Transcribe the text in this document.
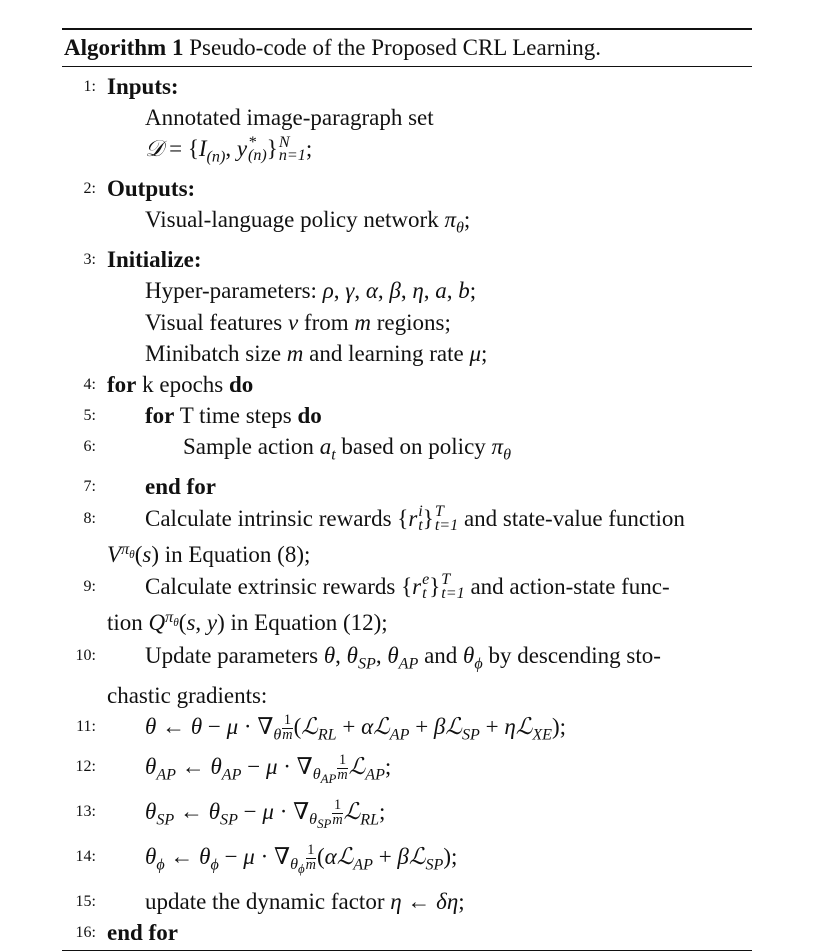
Algorithm 1 Pseudo-code of the Proposed CRL Learning.
1: Inputs:
Annotated image-paragraph set
𝒟 = {$I_{(n)}$, y *
(n) } N
n=1 ;
2: Outputs:
Visual-language policy network $\pi_\theta$;
3: Initialize:
Hyper-parameters: ρ, γ, α, β, η, a, b;
Visual features v from m regions;
Minibatch size m and learning rate μ;
4: for k epochs do
5:	for T time steps do
6:	Sample action $a_t$ based on policy $\pi_\theta$
7:	end for
8:	Calculate intrinsic rewards {r i
t } T
t=1 and state-value function
$V^{\pi_\theta}(s)$ in Equation (8);
9:	Calculate extrinsic rewards {r e
t } T
t=1 and action-state func-
tion $Q^{\pi_\theta}(s$, y) in Equation (12);
10:	Update parameters θ, $\theta_{SP}$, $\theta_{AP}$ and $\theta_\phi$ by descending sto-
chastic gradients:
11:	θ ← $\theta - \mu \cdot \nabla_\theta \frac{1}{m}$ (ℒ$_{RL}$ + αℒ$_{AP}$ + βℒ$_{SP}$ + ηℒ$_{XE}$);
12:	$\theta_{AP}$ ← $\theta_{AP} - \mu \cdot \nabla_{\theta_{AP}} \frac{1}{m}$ ℒ$_{AP}$;
13:	$\theta_{SP}$ ← $\theta_{SP} - \mu \cdot \nabla_{\theta_{SP}} \frac{1}{m}$ ℒ$_{RL}$;
14:	$\theta_\phi$ ← $\theta_\phi - \mu \cdot \nabla_{\theta_\phi} \frac{1}{m}$ (αℒ$_{AP}$ + βℒ$_{SP}$);
15:	update the dynamic factor η ← δη;
16: end for
